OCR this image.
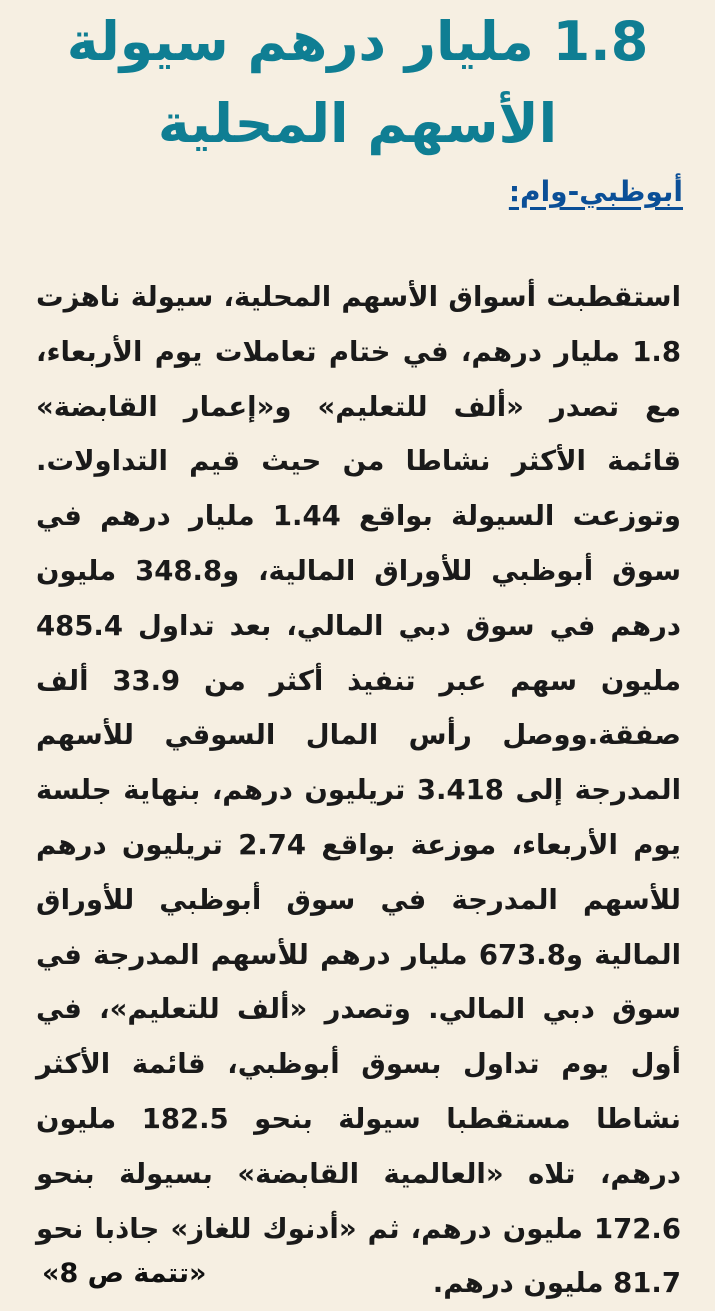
1.8 مليار درهم سيولة
الأسهم المحلية
أبوظبي-وام:

استقطبت أسواق الأسهم المحلية، سيولة ناهزت 1.8 مليار درهم، في ختام تعاملات يوم الأربعاء، مع تصدر «ألف للتعليم» و«إعمار القابضة» قائمة الأكثر نشاطا من حيث قيم التداولات. وتوزعت السيولة بواقع 1.44 مليار درهم في سوق أبوظبي للأوراق المالية، و348.8 مليون درهم في سوق دبي المالي، بعد تداول 485.4 مليون سهم عبر تنفيذ أكثر من 33.9 ألف صفقة.ووصل رأس المال السوقي للأسهم المدرجة إلى 3.418 تريليون درهم، بنهاية جلسة يوم الأربعاء، موزعة بواقع 2.74 تريليون درهم للأسهم المدرجة في سوق أبوظبي للأوراق المالية و673.8 مليار درهم للأسهم المدرجة في سوق دبي المالي. وتصدر «ألف للتعليم»، في أول يوم تداول بسوق أبوظبي، قائمة الأكثر نشاطا مستقطبا سيولة بنحو 182.5 مليون درهم، تلاه «العالمية القابضة» بسيولة بنحو 172.6 مليون درهم، ثم «أدنوك للغاز» جاذبا نحو 81.7 مليون درهم.

«تتمة ص 8»
